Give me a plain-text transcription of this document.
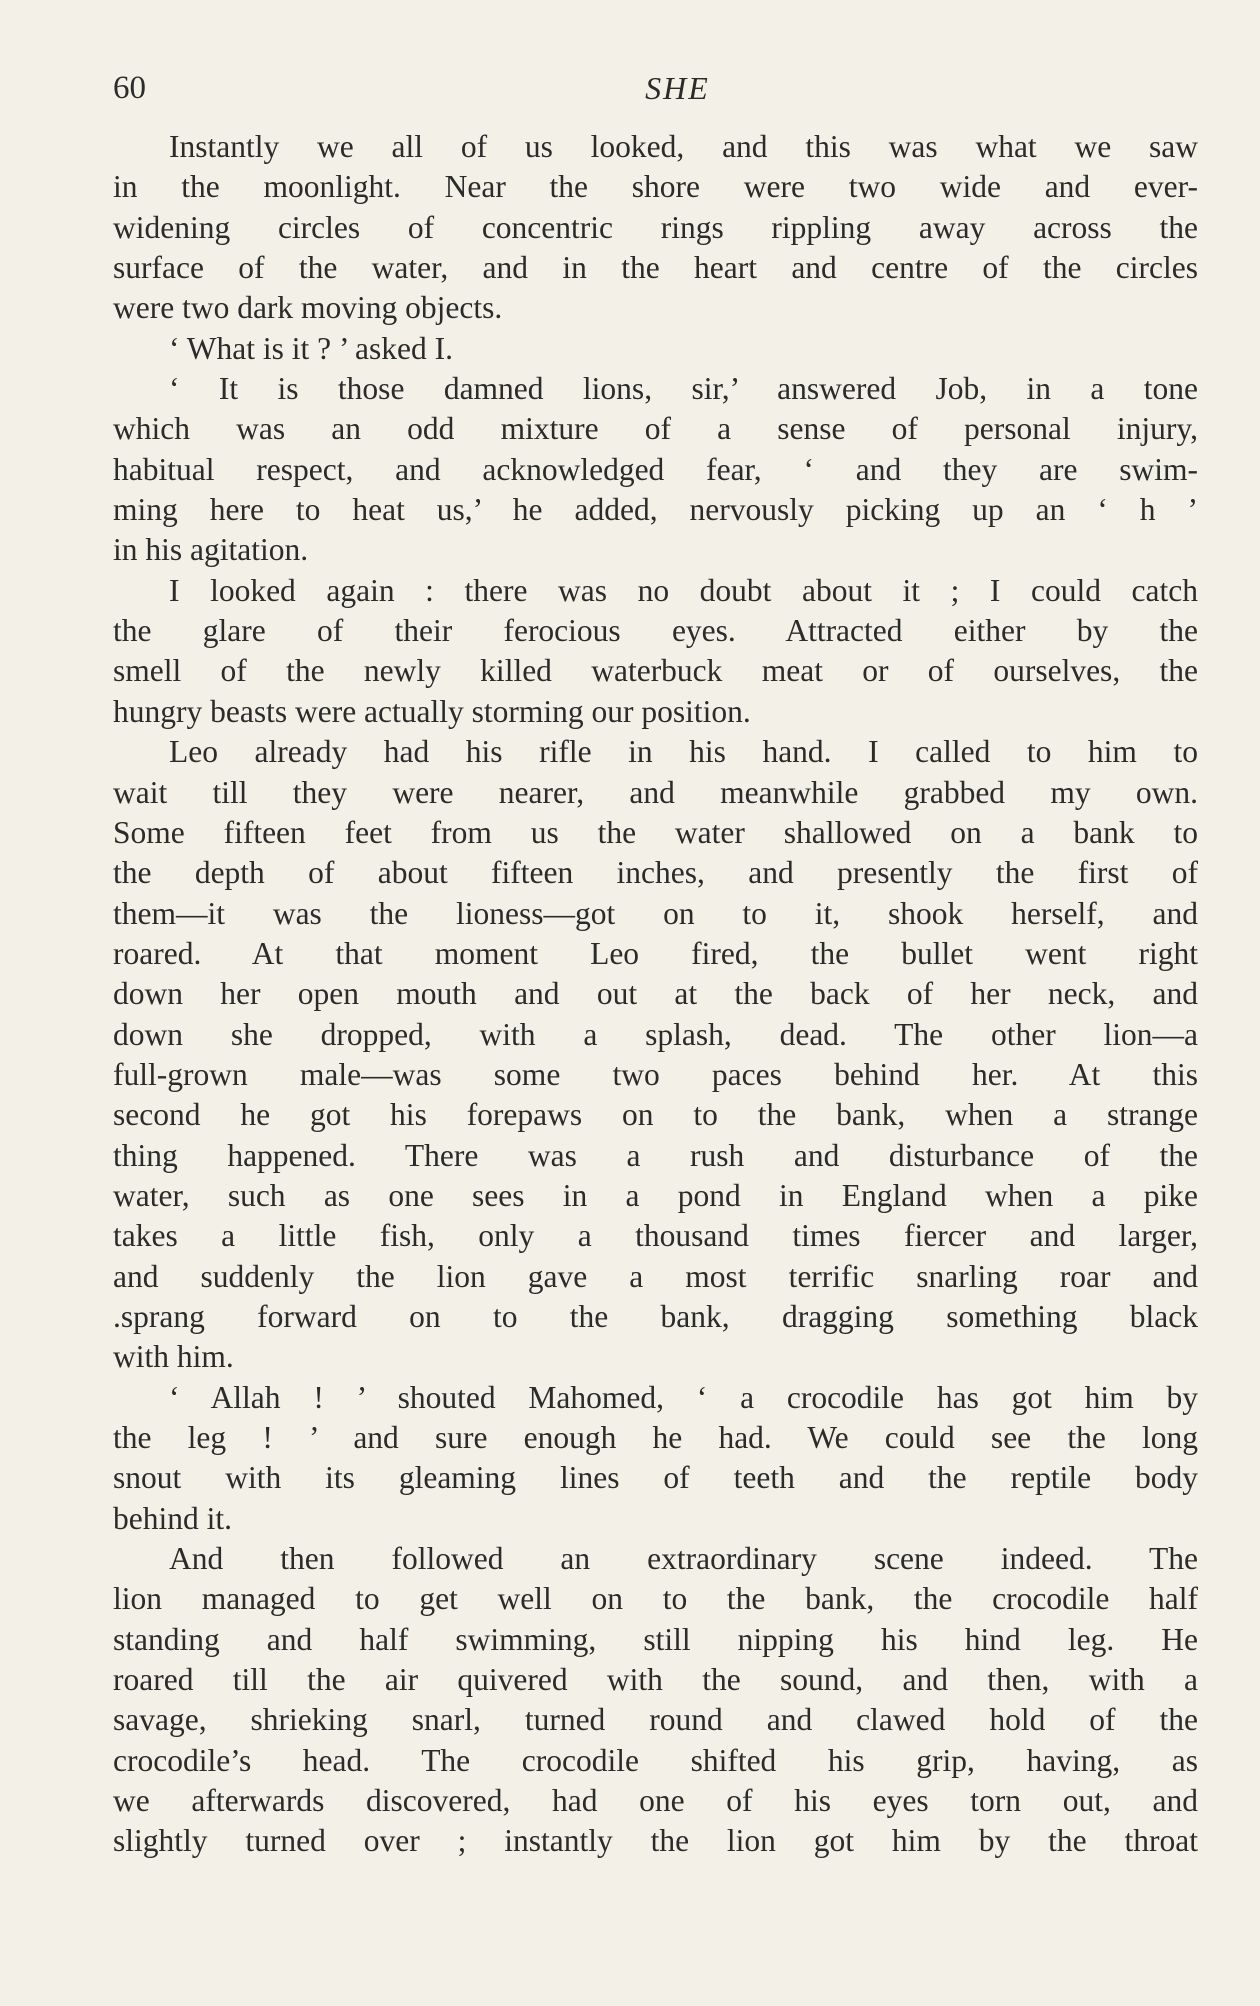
60	SHE
Instantly we all of us looked, and this was what we saw
in the moonlight. Near the shore were two wide and ever-
widening circles of concentric rings rippling away across the
surface of the water, and in the heart and centre of the circles
were two dark moving objects.
‘ What is it ? ’ asked I.
‘ It is those damned lions, sir,’ answered Job, in a tone
which was an odd mixture of a sense of personal injury,
habitual respect, and acknowledged fear, ‘ and they are swim-
ming here to heat us,’ he added, nervously picking up an ‘ h ’
in his agitation.
I looked again : there was no doubt about it ; I could catch
the glare of their ferocious eyes. Attracted either by the
smell of the newly killed waterbuck meat or of ourselves, the
hungry beasts were actually storming our position.
Leo already had his rifle in his hand. I called to him to
wait till they were nearer, and meanwhile grabbed my own.
Some fifteen feet from us the water shallowed on a bank to
the depth of about fifteen inches, and presently the first of
them—it was the lioness—got on to it, shook herself, and
roared. At that moment Leo fired, the bullet went right
down her open mouth and out at the back of her neck, and
down she dropped, with a splash, dead. The other lion—a
full-grown male—was some two paces behind her. At this
second he got his forepaws on to the bank, when a strange
thing happened. There was a rush and disturbance of the
water, such as one sees in a pond in England when a pike
takes a little fish, only a thousand times fiercer and larger,
and suddenly the lion gave a most terrific snarling roar and
.sprang forward on to the bank, dragging something black
with him.
‘ Allah ! ’ shouted Mahomed, ‘ a crocodile has got him by
the leg ! ’ and sure enough he had. We could see the long
snout with its gleaming lines of teeth and the reptile body
behind it.
And then followed an extraordinary scene indeed. The
lion managed to get well on to the bank, the crocodile half
standing and half swimming, still nipping his hind leg. He
roared till the air quivered with the sound, and then, with a
savage, shrieking snarl, turned round and clawed hold of the
crocodile’s head. The crocodile shifted his grip, having, as
we afterwards discovered, had one of his eyes torn out, and
slightly turned over ; instantly the lion got him by the throat
